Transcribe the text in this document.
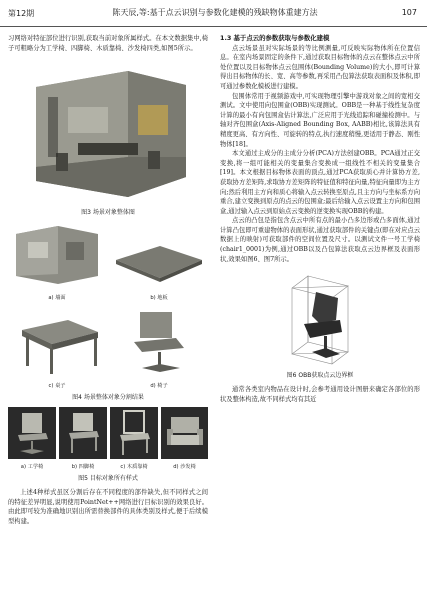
第12期	陈天辰,等:基于点云识别与参数化建模的残缺物体重建方法	107

习网络对特征部位进行识别,获取当前对象所属样式。在本文数据集中,椅子可粗略分为工学椅、四脚椅、木质靠椅、沙发椅四类,如图5所示。

图3 场景对象整体图

a) 墙面	b) 地板
c) 桌子	d) 椅子

图4 场景整体对象分割结果

a) 工学椅	b) 四脚椅	c) 木质靠椅	d) 沙发椅

图5 目标对象所有样式

上述4种样式虽区分割后存在不同程度的部件缺失,但不同样式之间的特征差异明显,说明使用PointNet++网络进行目标识别的效果良好。由此即可较为准确地识别出所需替换部件的具体类别及样式,便于后续模型构建。

1.3 基于点云的参数获取与参数化建模

点云场景虽对实际场景的等比例测量,可反映实际物体所在位置信息。在室内场景固定的条件下,通过获取目标物体的点云在整体点云中所处位置以及目标物体点云包围体(Bounding Volume)的大小,即可计算得出目标物体的长、宽、高等参数,再采用凸包算法获取表面积及体积,即可通过参数化模板进行建模。

包围体常用于视频游戏中,可实现物理引擎中游戏对象之间的宽相交测试。文中使用向包围盒(OBB)实现测试。OBB是一种基于线性复杂度计算的最小有向包围盒估计算法,广泛应用于光线追踪和碰撞检测中。与轴对齐包围盒(Axis-Aligned Bounding Box, AABB)相比,该算法具有精度更高、有方向性、可旋转的特点,执行速度稍慢,更适用于静态、刚性物体[18]。

本文通过主成分的主成分分析(PCA)方法创建OBB。PCA通过正交变换,将一组可能相关的变量集合变换成一组线性不相关的变量集合[19]。本文根据目标物体表面的顶点,通过PCA获取质心并计算协方差,获取协方差矩阵,求取协方差矩阵的特征值和特征向量,特征向量即为主方向;然后利用主方向和质心将输入点云转换至原点,且主方向与坐标系方向重合,建立变换到原点的点云的包围盒;最后给输入点云设置主方向和包围盒,通过输入点云到原始点云变换的逆变换实现OBB的构建。

点云的凸包是指包含点云中所有点的最小凸多边形或凸多面体,通过计算凸包即可重建物体的表面形状,通过获取部件的关键点(即在对应点云数据上的映射)可获取部件的空间位置及尺寸。以测试文件一号工学椅(chair1_0001)为例,通过OBB以及凸包算法获取点云边界框及表面形状,效果如图6、图7所示。

图6 OBB获取点云边界框

通常各类室内物品在设计时,会参考通用设计图册来确定各部位的形状及整体构造,故不同样式均有其近
